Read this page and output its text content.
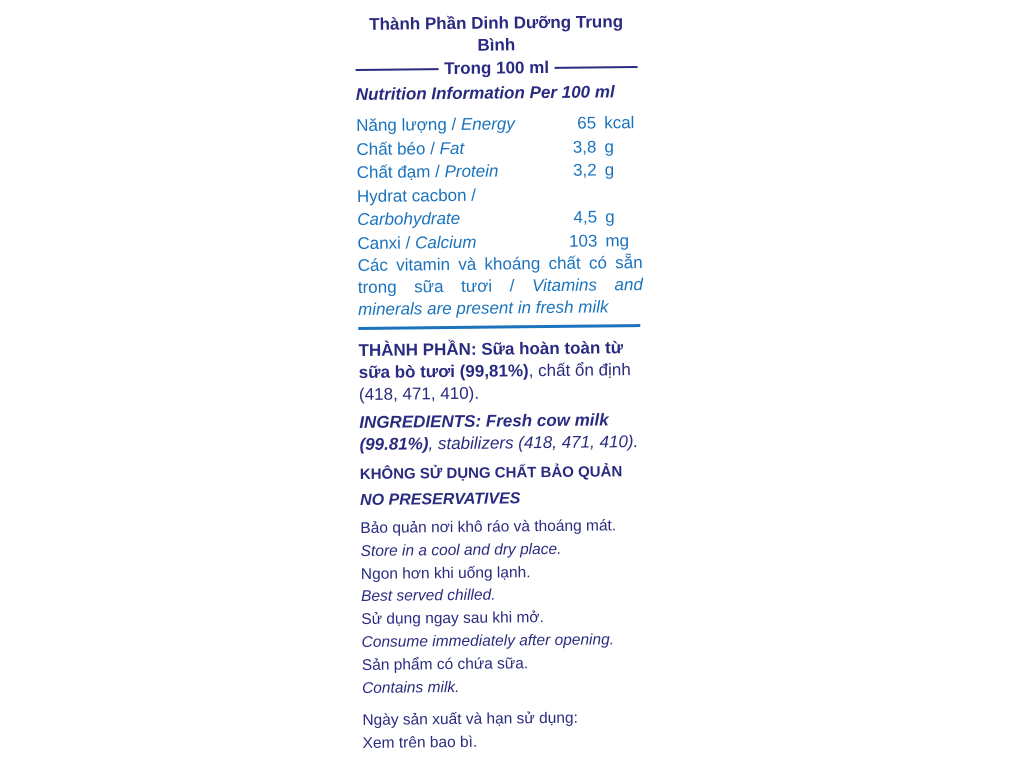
Thành Phần Dinh Dưỡng Trung Bình
Trong 100 ml
Nutrition Information Per 100 ml
Năng lượng / Energy	65 kcal
Chất béo / Fat	3,8 g
Chất đạm / Protein	3,2 g
Hydrat cacbon /
Carbohydrate	4,5 g
Canxi / Calcium	103 mg
Các vitamin và khoáng chất có sẵn trong sữa tươi / Vitamins and minerals are present in fresh milk
THÀNH PHẦN: Sữa hoàn toàn từ sữa bò tươi (99,81%), chất ổn định (418, 471, 410).
INGREDIENTS: Fresh cow milk (99.81%), stabilizers (418, 471, 410).
KHÔNG SỬ DỤNG CHẤT BẢO QUẢN
NO PRESERVATIVES
Bảo quản nơi khô ráo và thoáng mát.
Store in a cool and dry place.
Ngon hơn khi uống lạnh.
Best served chilled.
Sử dụng ngay sau khi mở.
Consume immediately after opening.
Sản phẩm có chứa sữa.
Contains milk.
Ngày sản xuất và hạn sử dụng:
Xem trên bao bì.
